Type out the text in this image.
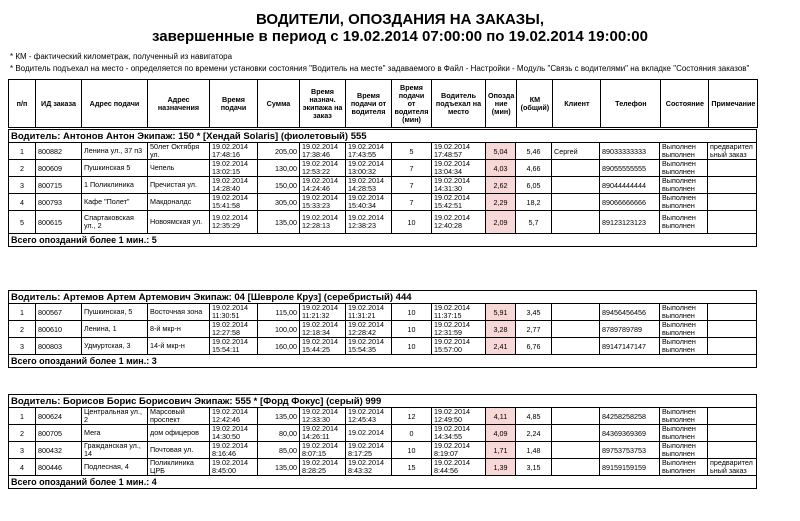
ВОДИТЕЛИ, ОПОЗДАНИЯ НА ЗАКАЗЫ,
завершенные в период с 19.02.2014 07:00:00 по 19.02.2014 19:00:00
* КМ - фактический километраж, полученный из навигатора
* Водитель подъехал на место - определяется по времени установки состояния "Водитель на месте" задаваемого в Файл - Настройки - Модуль "Связь с водителями" на вкладке "Состояния заказов"
п/п	ИД заказа	Адрес подачи	Адрес назначения	Время подачи	Сумма	Время назнач. экипажа на заказ	Время подачи от водителя	Время подачи от водителя (мин)	Водитель подъехал на место	Опозда ние (мин)	КМ (общий)	Клиент	Телефон	Состояние	Примечание
Водитель: Антонов Антон Экипаж: 150 * [Хендай Solaris] (фиолетовый) 555															
1	800882	Ленина ул., 37 п3	50лет Октября ул.	19.02.2014 17:48:16	205,00	19.02.2014 17:38:46	19.02.2014 17:43:55	5	19.02.2014 17:48:57	5,04	5,46	Сергей	89033333333	Выполнен выполнен	предварител ьный заказ
2	800609	Пушкинская 5	Чепель	19.02.2014 13:02:15	130,00	19.02.2014 12:53:22	19.02.2014 13:00:32	7	19.02.2014 13:04:34	4,03	4,66		89055555555	Выполнен выполнен	
3	800715	1 Поликлиника	Пречистая ул.	19.02.2014 14:28:40	150,00	19.02.2014 14:24:46	19.02.2014 14:28:53	7	19.02.2014 14:31:30	2,62	6,05		89044444444	Выполнен выполнен	
4	800793	Кафе "Полет"	Макдоналдс	19.02.2014 15:41:58	305,00	19.02.2014 15:33:23	19.02.2014 15:40:34	7	19.02.2014 15:42:51	2,29	18,2		89066666666	Выполнен выполнен	
5	800615	Спартаковская ул., 2	Новоямская ул.	19.02.2014 12:35:29	135,00	19.02.2014 12:28:13	19.02.2014 12:38:23	10	19.02.2014 12:40:28	2,09	5,7		89123123123	Выполнен выполнен	
Всего опозданий более 1 мин.: 5															
Водитель: Артемов Артем Артемович Экипаж: 04 [Шевроле Круз] (серебристый) 444															
1	800567	Пушкинская, 5	Восточная зона	19.02.2014 11:30:51	115,00	19.02.2014 11:21:32	19.02.2014 11:31:21	10	19.02.2014 11:37:15	5,91	3,45		89456456456	Выполнен выполнен	
2	800610	Ленина, 1	8-й мкр-н	19.02.2014 12:27:58	100,00	19.02.2014 12:18:34	19.02.2014 12:28:42	10	19.02.2014 12:31:59	3,28	2,77		8789789789	Выполнен выполнен	
3	800803	Удмуртская, 3	14-й мкр-н	19.02.2014 15:54:11	160,00	19.02.2014 15:44:25	19.02.2014 15:54:35	10	19.02.2014 15:57:00	2,41	6,76		89147147147	Выполнен выполнен	
Всего опозданий более 1 мин.: 3															
Водитель: Борисов Борис Борисович Экипаж: 555 * [Форд Фокус] (серый) 999															
1	800624	Центральная ул., 2	Марсовый проспект	19.02.2014 12:42:46	135,00	19.02.2014 12:33:30	19.02.2014 12:45:43	12	19.02.2014 12:49:50	4,11	4,85		84258258258	Выполнен выполнен	
2	800705	Мега	дом офицеров	19.02.2014 14:30:50	80,00	19.02.2014 14:26:11	19.02.2014	0	19.02.2014 14:34:55	4,09	2,24		84369369369	Выполнен выполнен	
3	800432	Гражданская ул., 14	Почтовая ул.	19.02.2014 8:16:46	85,00	19.02.2014 8:07:15	19.02.2014 8:17:25	10	19.02.2014 8:19:07	1,71	1,48		89753753753	Выполнен выполнен	
4	800446	Подлесная, 4	Поликлиника ЦРБ	19.02.2014 8:45:00	135,00	19.02.2014 8:28:25	19.02.2014 8:43:32	15	19.02.2014 8:44:56	1,39	3,15		89159159159	Выполнен выполнен	предварител ьный заказ
Всего опозданий более 1 мин.: 4															
